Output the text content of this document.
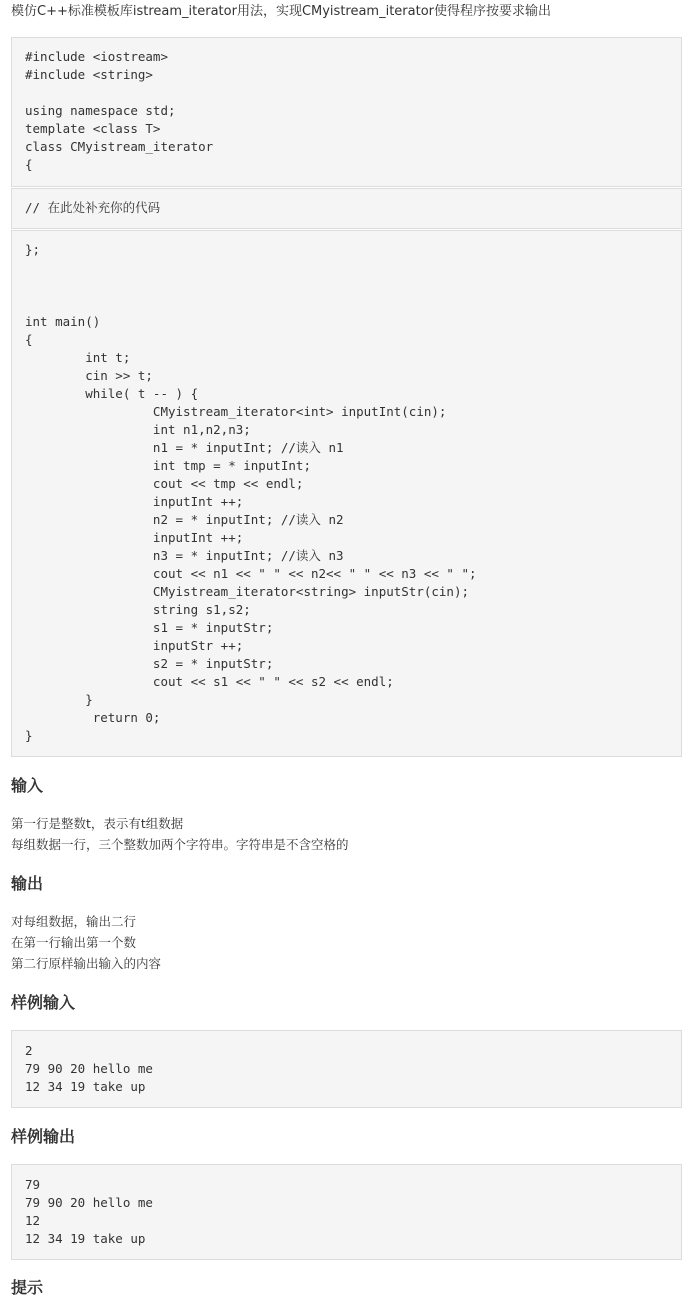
模仿C++标准模板库istream_iterator用法，实现CMyistream_iterator使得程序按要求输出
#include <iostream>
#include <string>

using namespace std;
template <class T>
class CMyistream_iterator
{
// 在此处补充你的代码
};

int main()
{
int t;
cin >> t;
while( t -- ) {
CMyistream_iterator<int> inputInt(cin);
int n1,n2,n3;
n1 = * inputInt; //读入 n1
int tmp = * inputInt;
cout << tmp << endl;
inputInt ++;
n2 = * inputInt; //读入 n2
inputInt ++;
n3 = * inputInt; //读入 n3
cout << n1 << " " << n2<< " " << n3 << " ";
CMyistream_iterator<string> inputStr(cin);
string s1,s2;
s1 = * inputStr;
inputStr ++;
s2 = * inputStr;
cout << s1 << " " << s2 << endl;
}
return 0;
}
输入
第一行是整数t，表示有t组数据
每组数据一行，三个整数加两个字符串。字符串是不含空格的
输出
对每组数据，输出二行
在第一行输出第一个数
第二行原样输出输入的内容
样例输入
2
79 90 20 hello me
12 34 19 take up
样例输出
79
79 90 20 hello me
12
12 34 19 take up
提示
